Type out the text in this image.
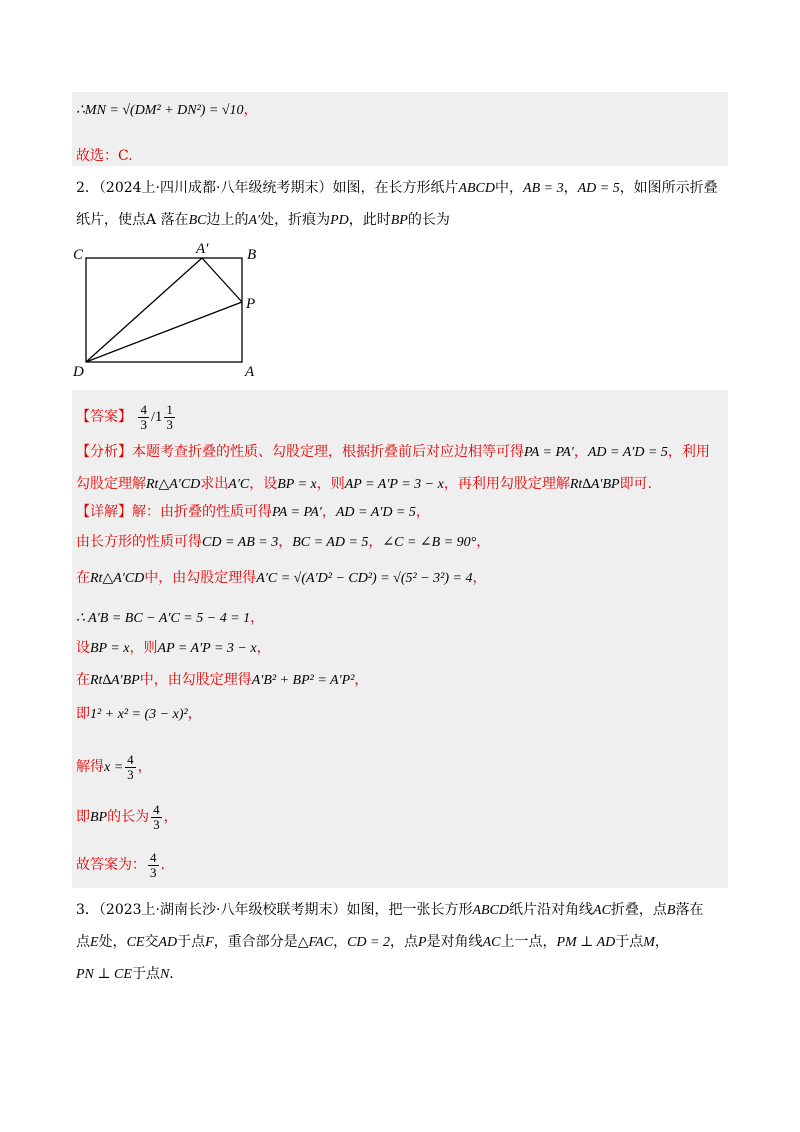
∴MN = √(DM² + DN²) = √10，
故选：C.
2．（2024上·四川成都·八年级统考期末）如图，在长方形纸片ABCD中，AB = 3，AD = 5，如图所示折叠
纸片，使点A 落在BC边上的A′处，折痕为PD，此时BP的长为
C	A′	B
P
D	A
【答案】 $\frac{4}{3} /1 \frac{1}{3}$
【分析】本题考查折叠的性质、勾股定理，根据折叠前后对应边相等可得PA = PA′，AD = A′D = 5，利用
勾股定理解Rt△A′CD求出A′C，设BP = x，则AP = A′P = 3 − x，再利用勾股定理解Rt∆A′BP即可.
【详解】解：由折叠的性质可得PA = PA′，AD = A′D = 5，
由长方形的性质可得CD = AB = 3，BC = AD = 5，∠C = ∠B = 90°，
在Rt△A′CD中，由勾股定理得A′C = √(A′D² − CD²) = √(5² − 3²) = 4，
∴ A′B = BC − A′C = 5 − 4 = 1，
设BP = x，则AP = A′P = 3 − x，
在Rt∆A′BP中，由勾股定理得A′B² + BP² = A′P²，
即1² + x² = (3 − x)²，
解得$x = \frac{4}{3}$ ，
即BP的长为 $\frac{4}{3}$ ，
故答案为： $\frac{4}{3}$ .
3．（2023上·湖南长沙·八年级校联考期末）如图，把一张长方形ABCD纸片沿对角线AC折叠，点B落在
点E处，CE交AD于点F，重合部分是△FAC，CD = 2，点P是对角线AC上一点，PM ⊥ AD于点M，
PN ⊥ CE于点N.
